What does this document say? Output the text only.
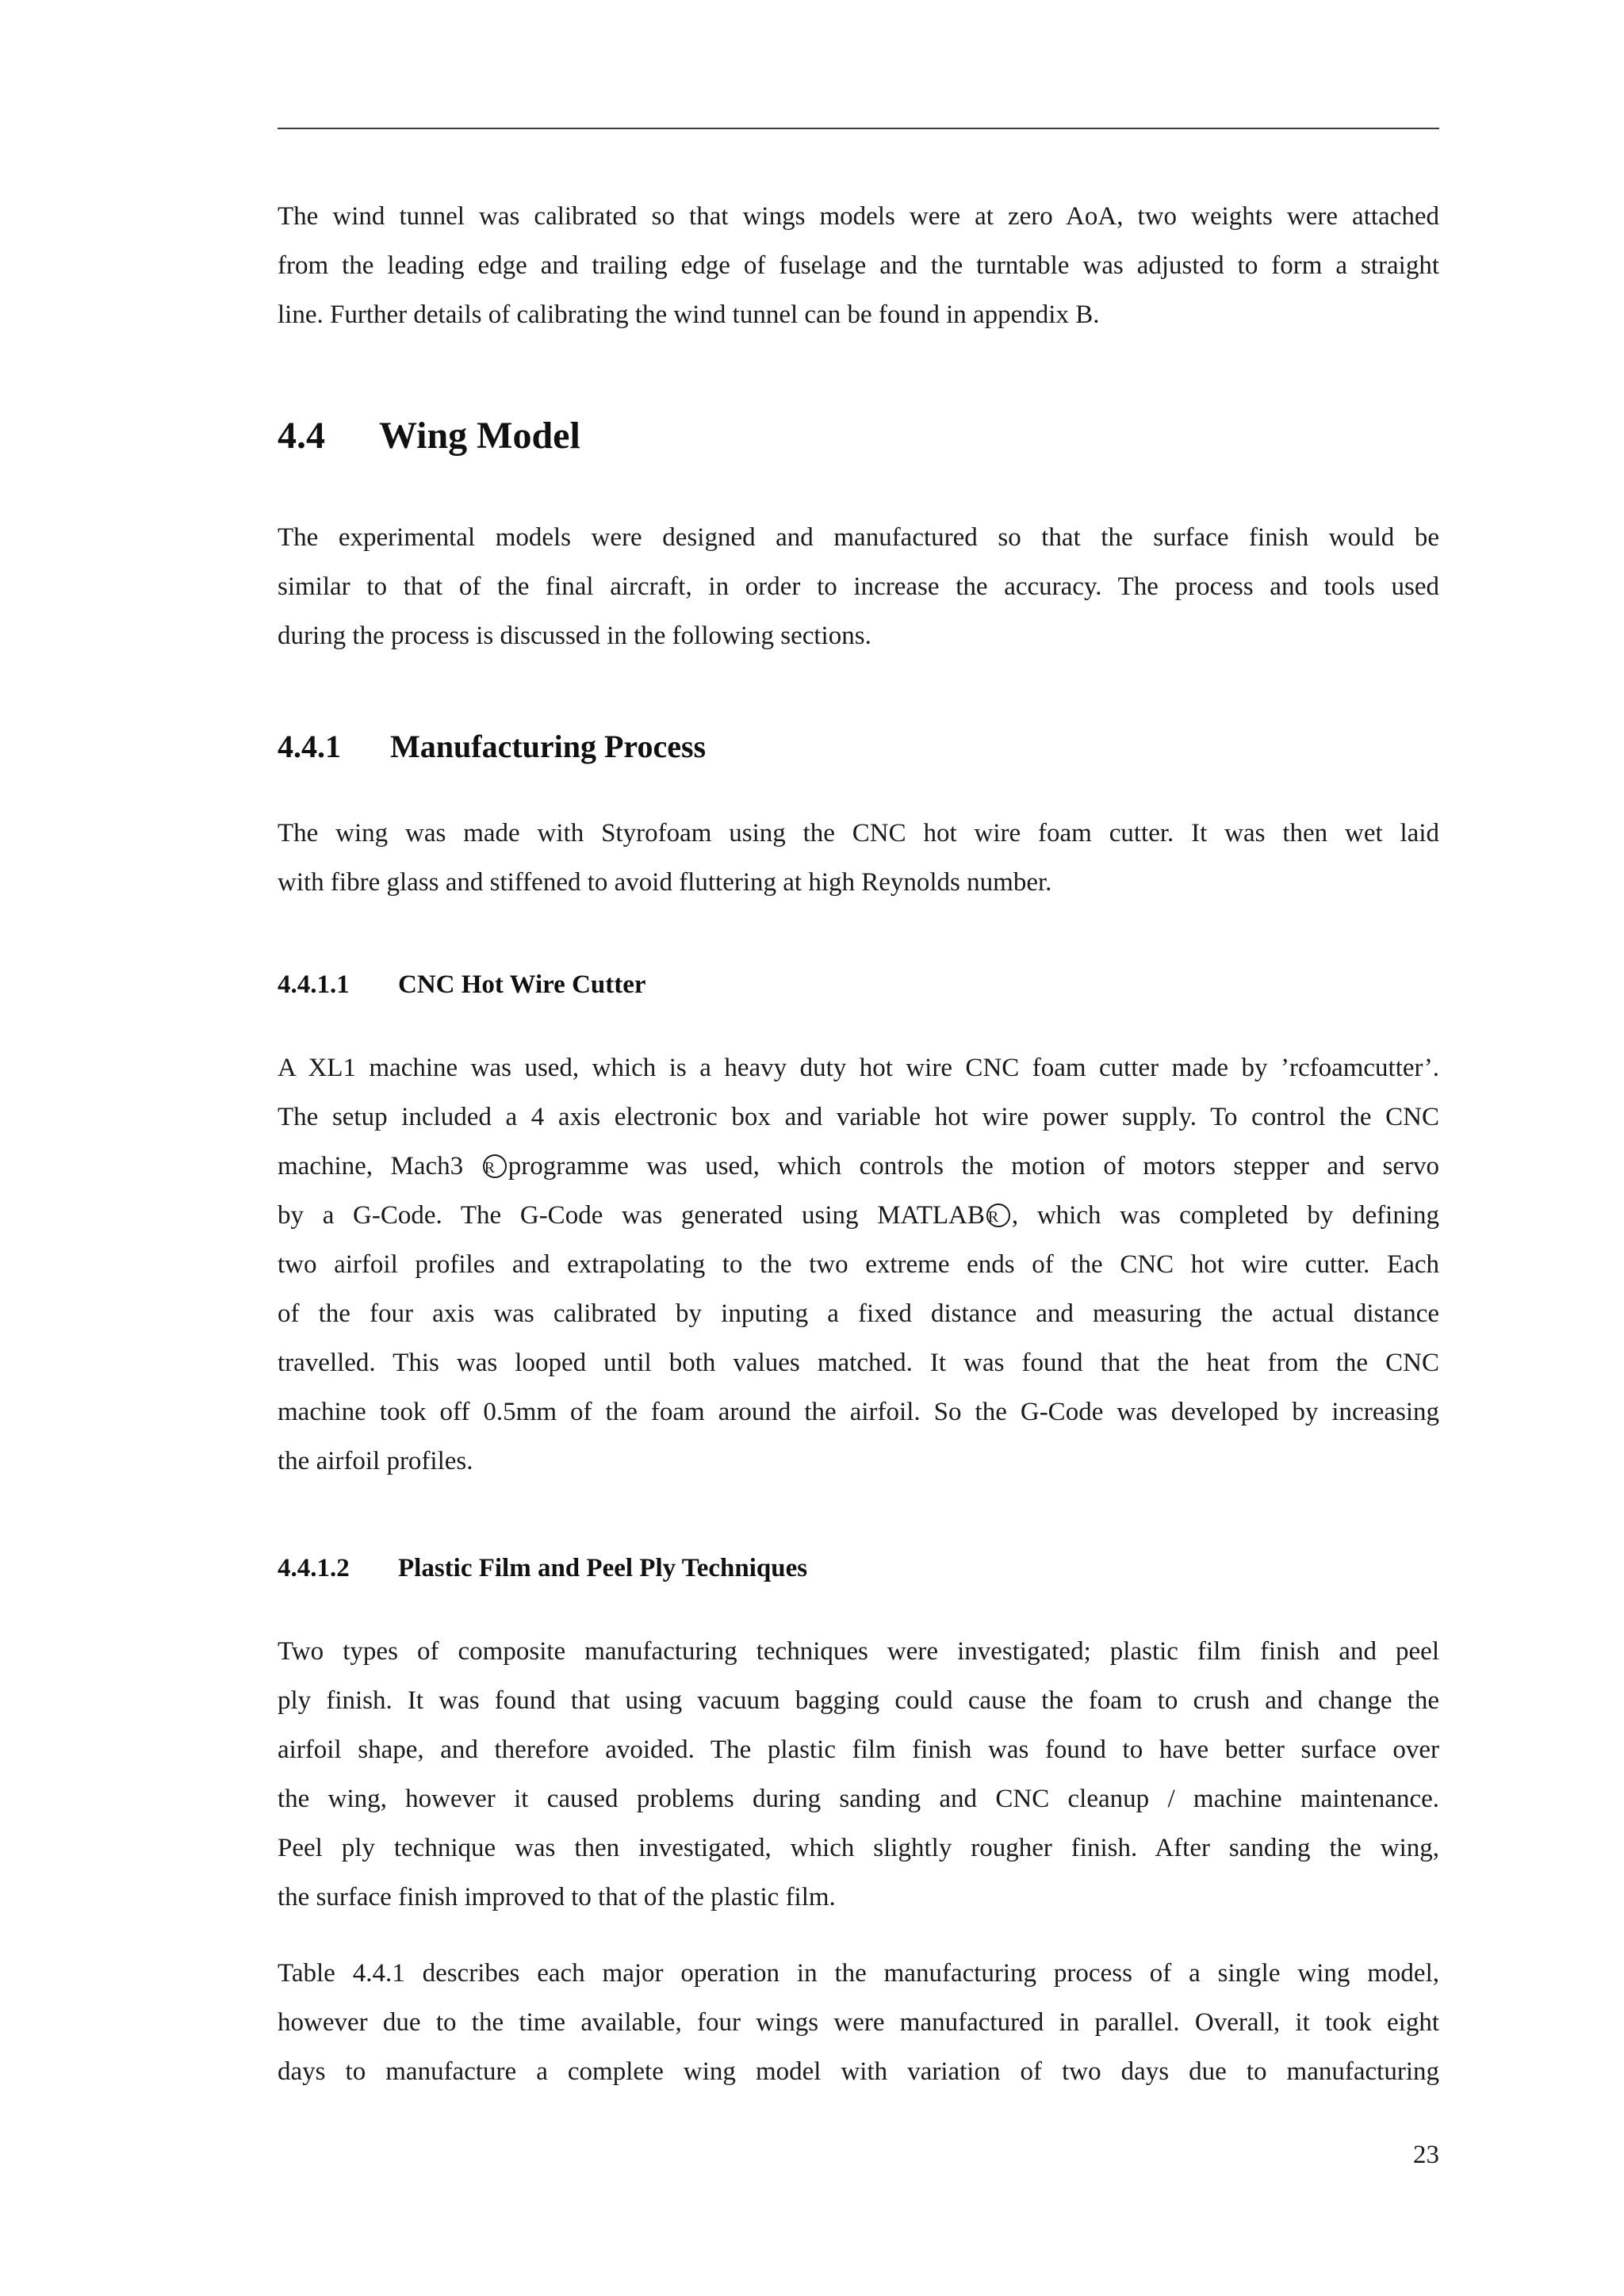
The wind tunnel was calibrated so that wings models were at zero AoA, two weights were attached
from the leading edge and trailing edge of fuselage and the turntable was adjusted to form a straight
line. Further details of calibrating the wind tunnel can be found in appendix B.
4.4 Wing Model
The experimental models were designed and manufactured so that the surface finish would be
similar to that of the final aircraft, in order to increase the accuracy. The process and tools used
during the process is discussed in the following sections.
4.4.1 Manufacturing Process
The wing was made with Styrofoam using the CNC hot wire foam cutter. It was then wet laid
with fibre glass and stiffened to avoid fluttering at high Reynolds number.
4.4.1.1 CNC Hot Wire Cutter
A XL1 machine was used, which is a heavy duty hot wire CNC foam cutter made by ’rcfoamcutter’.
The setup included a 4 axis electronic box and variable hot wire power supply. To control the CNC
machine, Mach3 R programme was used, which controls the motion of motors stepper and servo
by a G-Code. The G-Code was generated using MATLAB R , which was completed by defining
two airfoil profiles and extrapolating to the two extreme ends of the CNC hot wire cutter. Each
of the four axis was calibrated by inputing a fixed distance and measuring the actual distance
travelled. This was looped until both values matched. It was found that the heat from the CNC
machine took off 0.5mm of the foam around the airfoil. So the G-Code was developed by increasing
the airfoil profiles.
4.4.1.2 Plastic Film and Peel Ply Techniques
Two types of composite manufacturing techniques were investigated; plastic film finish and peel
ply finish. It was found that using vacuum bagging could cause the foam to crush and change the
airfoil shape, and therefore avoided. The plastic film finish was found to have better surface over
the wing, however it caused problems during sanding and CNC cleanup / machine maintenance.
Peel ply technique was then investigated, which slightly rougher finish. After sanding the wing,
the surface finish improved to that of the plastic film.
Table 4.4.1 describes each major operation in the manufacturing process of a single wing model,
however due to the time available, four wings were manufactured in parallel. Overall, it took eight
days to manufacture a complete wing model with variation of two days due to manufacturing
23
